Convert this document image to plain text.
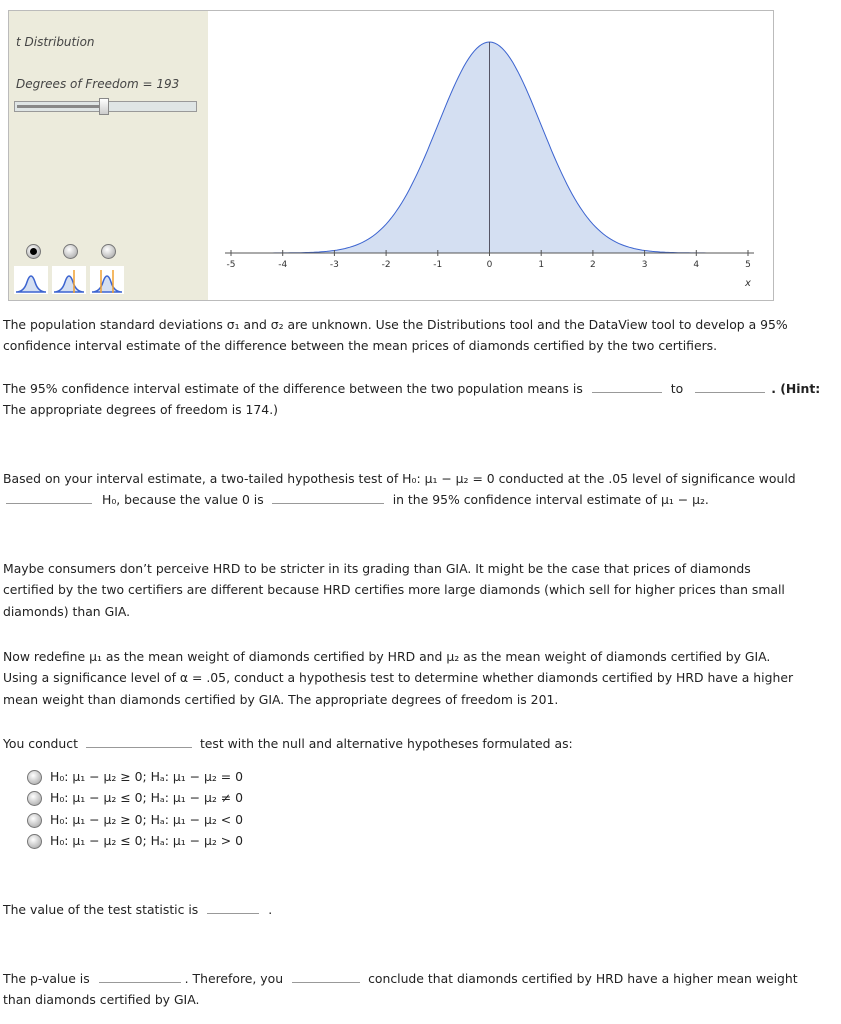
t Distribution
Degrees of Freedom = 193
-5	-4	-3	-2	-1	0	1	2	3	4	5
x
The population standard deviations σ₁ and σ₂ are unknown. Use the Distributions tool and the DataView tool to develop a 95%
confidence interval estimate of the difference between the mean prices of diamonds certified by the two certifiers.
The 95% confidence interval estimate of the difference between the two population means is	to	. (Hint:
The appropriate degrees of freedom is 174.)
Based on your interval estimate, a two-tailed hypothesis test of H₀: μ₁ − μ₂ = 0 conducted at the .05 level of significance would
H₀, because the value 0 is	in the 95% confidence interval estimate of μ₁ − μ₂.
Maybe consumers don’t perceive HRD to be stricter in its grading than GIA. It might be the case that prices of diamonds
certified by the two certifiers are different because HRD certifies more large diamonds (which sell for higher prices than small
diamonds) than GIA.
Now redefine μ₁ as the mean weight of diamonds certified by HRD and μ₂ as the mean weight of diamonds certified by GIA.
Using a significance level of α = .05, conduct a hypothesis test to determine whether diamonds certified by HRD have a higher
mean weight than diamonds certified by GIA. The appropriate degrees of freedom is 201.
You conduct	test with the null and alternative hypotheses formulated as:
H₀: μ₁ − μ₂ ≥ 0; Hₐ: μ₁ − μ₂ = 0
H₀: μ₁ − μ₂ ≤ 0; Hₐ: μ₁ − μ₂ ≠ 0
H₀: μ₁ − μ₂ ≥ 0; Hₐ: μ₁ − μ₂ < 0
H₀: μ₁ − μ₂ ≤ 0; Hₐ: μ₁ − μ₂ > 0
The value of the test statistic is	.
The p-value is	. Therefore, you	conclude that diamonds certified by HRD have a higher mean weight
than diamonds certified by GIA.
